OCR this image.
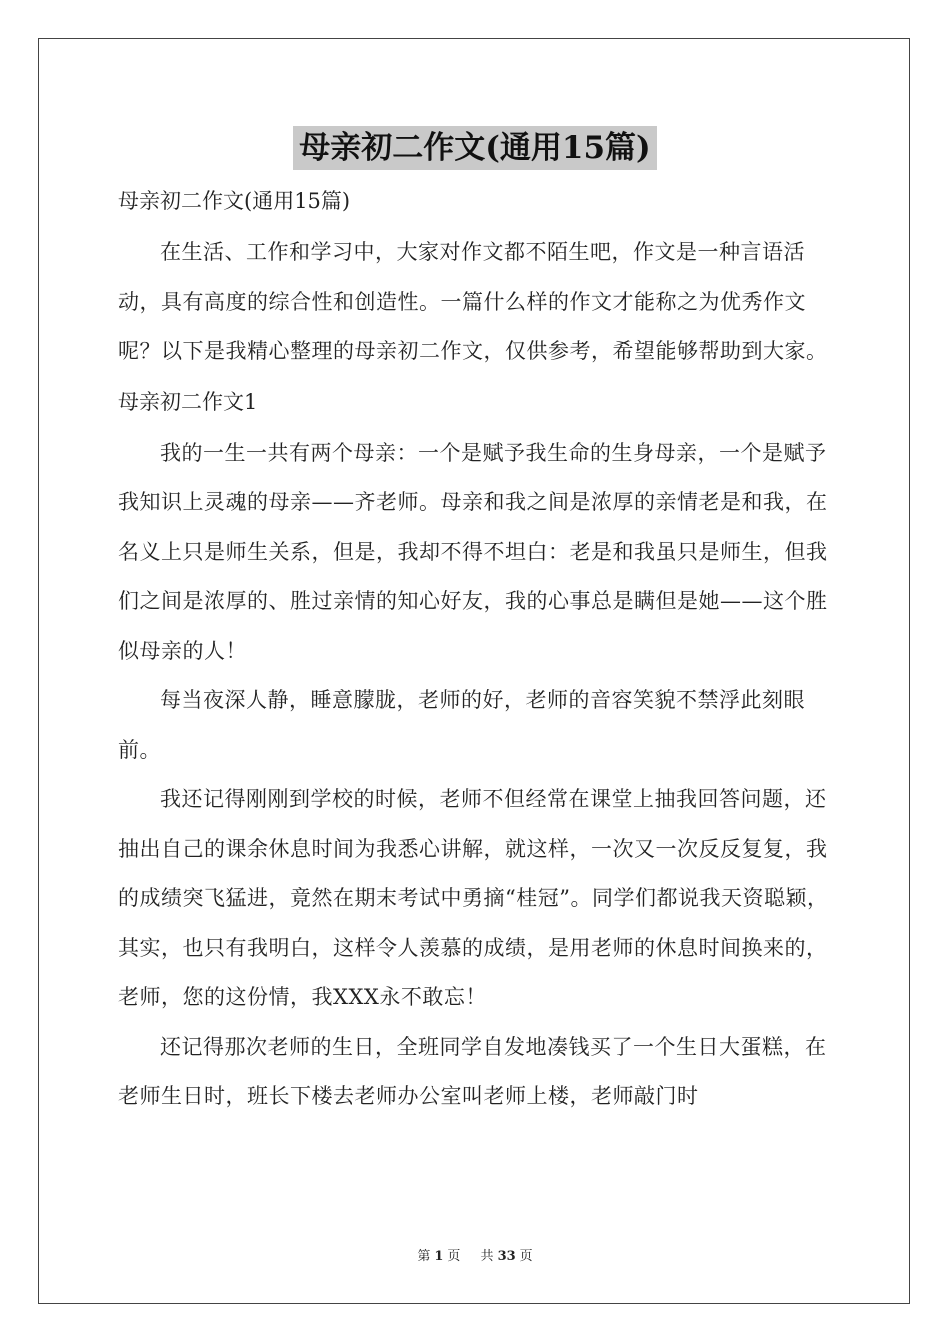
母亲初二作文(通用15篇)

母亲初二作文(通用15篇)

在生活、工作和学习中，大家对作文都不陌生吧，作文是一种言语活动，具有高度的综合性和创造性。一篇什么样的作文才能称之为优秀作文呢？以下是我精心整理的母亲初二作文，仅供参考，希望能够帮助到大家。

母亲初二作文1

我的一生一共有两个母亲：一个是赋予我生命的生身母亲，一个是赋予我知识上灵魂的母亲——齐老师。母亲和我之间是浓厚的亲情老是和我，在名义上只是师生关系，但是，我却不得不坦白：老是和我虽只是师生，但我们之间是浓厚的、胜过亲情的知心好友，我的心事总是瞒但是她——这个胜似母亲的人！

每当夜深人静，睡意朦胧，老师的好，老师的音容笑貌不禁浮此刻眼前。

我还记得刚刚到学校的时候，老师不但经常在课堂上抽我回答问题，还抽出自己的课余休息时间为我悉心讲解，就这样，一次又一次反反复复，我的成绩突飞猛进，竟然在期末考试中勇摘“桂冠”。同学们都说我天资聪颖，其实，也只有我明白，这样令人羡慕的成绩，是用老师的休息时间换来的，老师，您的这份情，我XXX永不敢忘！

还记得那次老师的生日，全班同学自发地凑钱买了一个生日大蛋糕，在老师生日时，班长下楼去老师办公室叫老师上楼，老师敲门时

第 1 页 共 33 页
